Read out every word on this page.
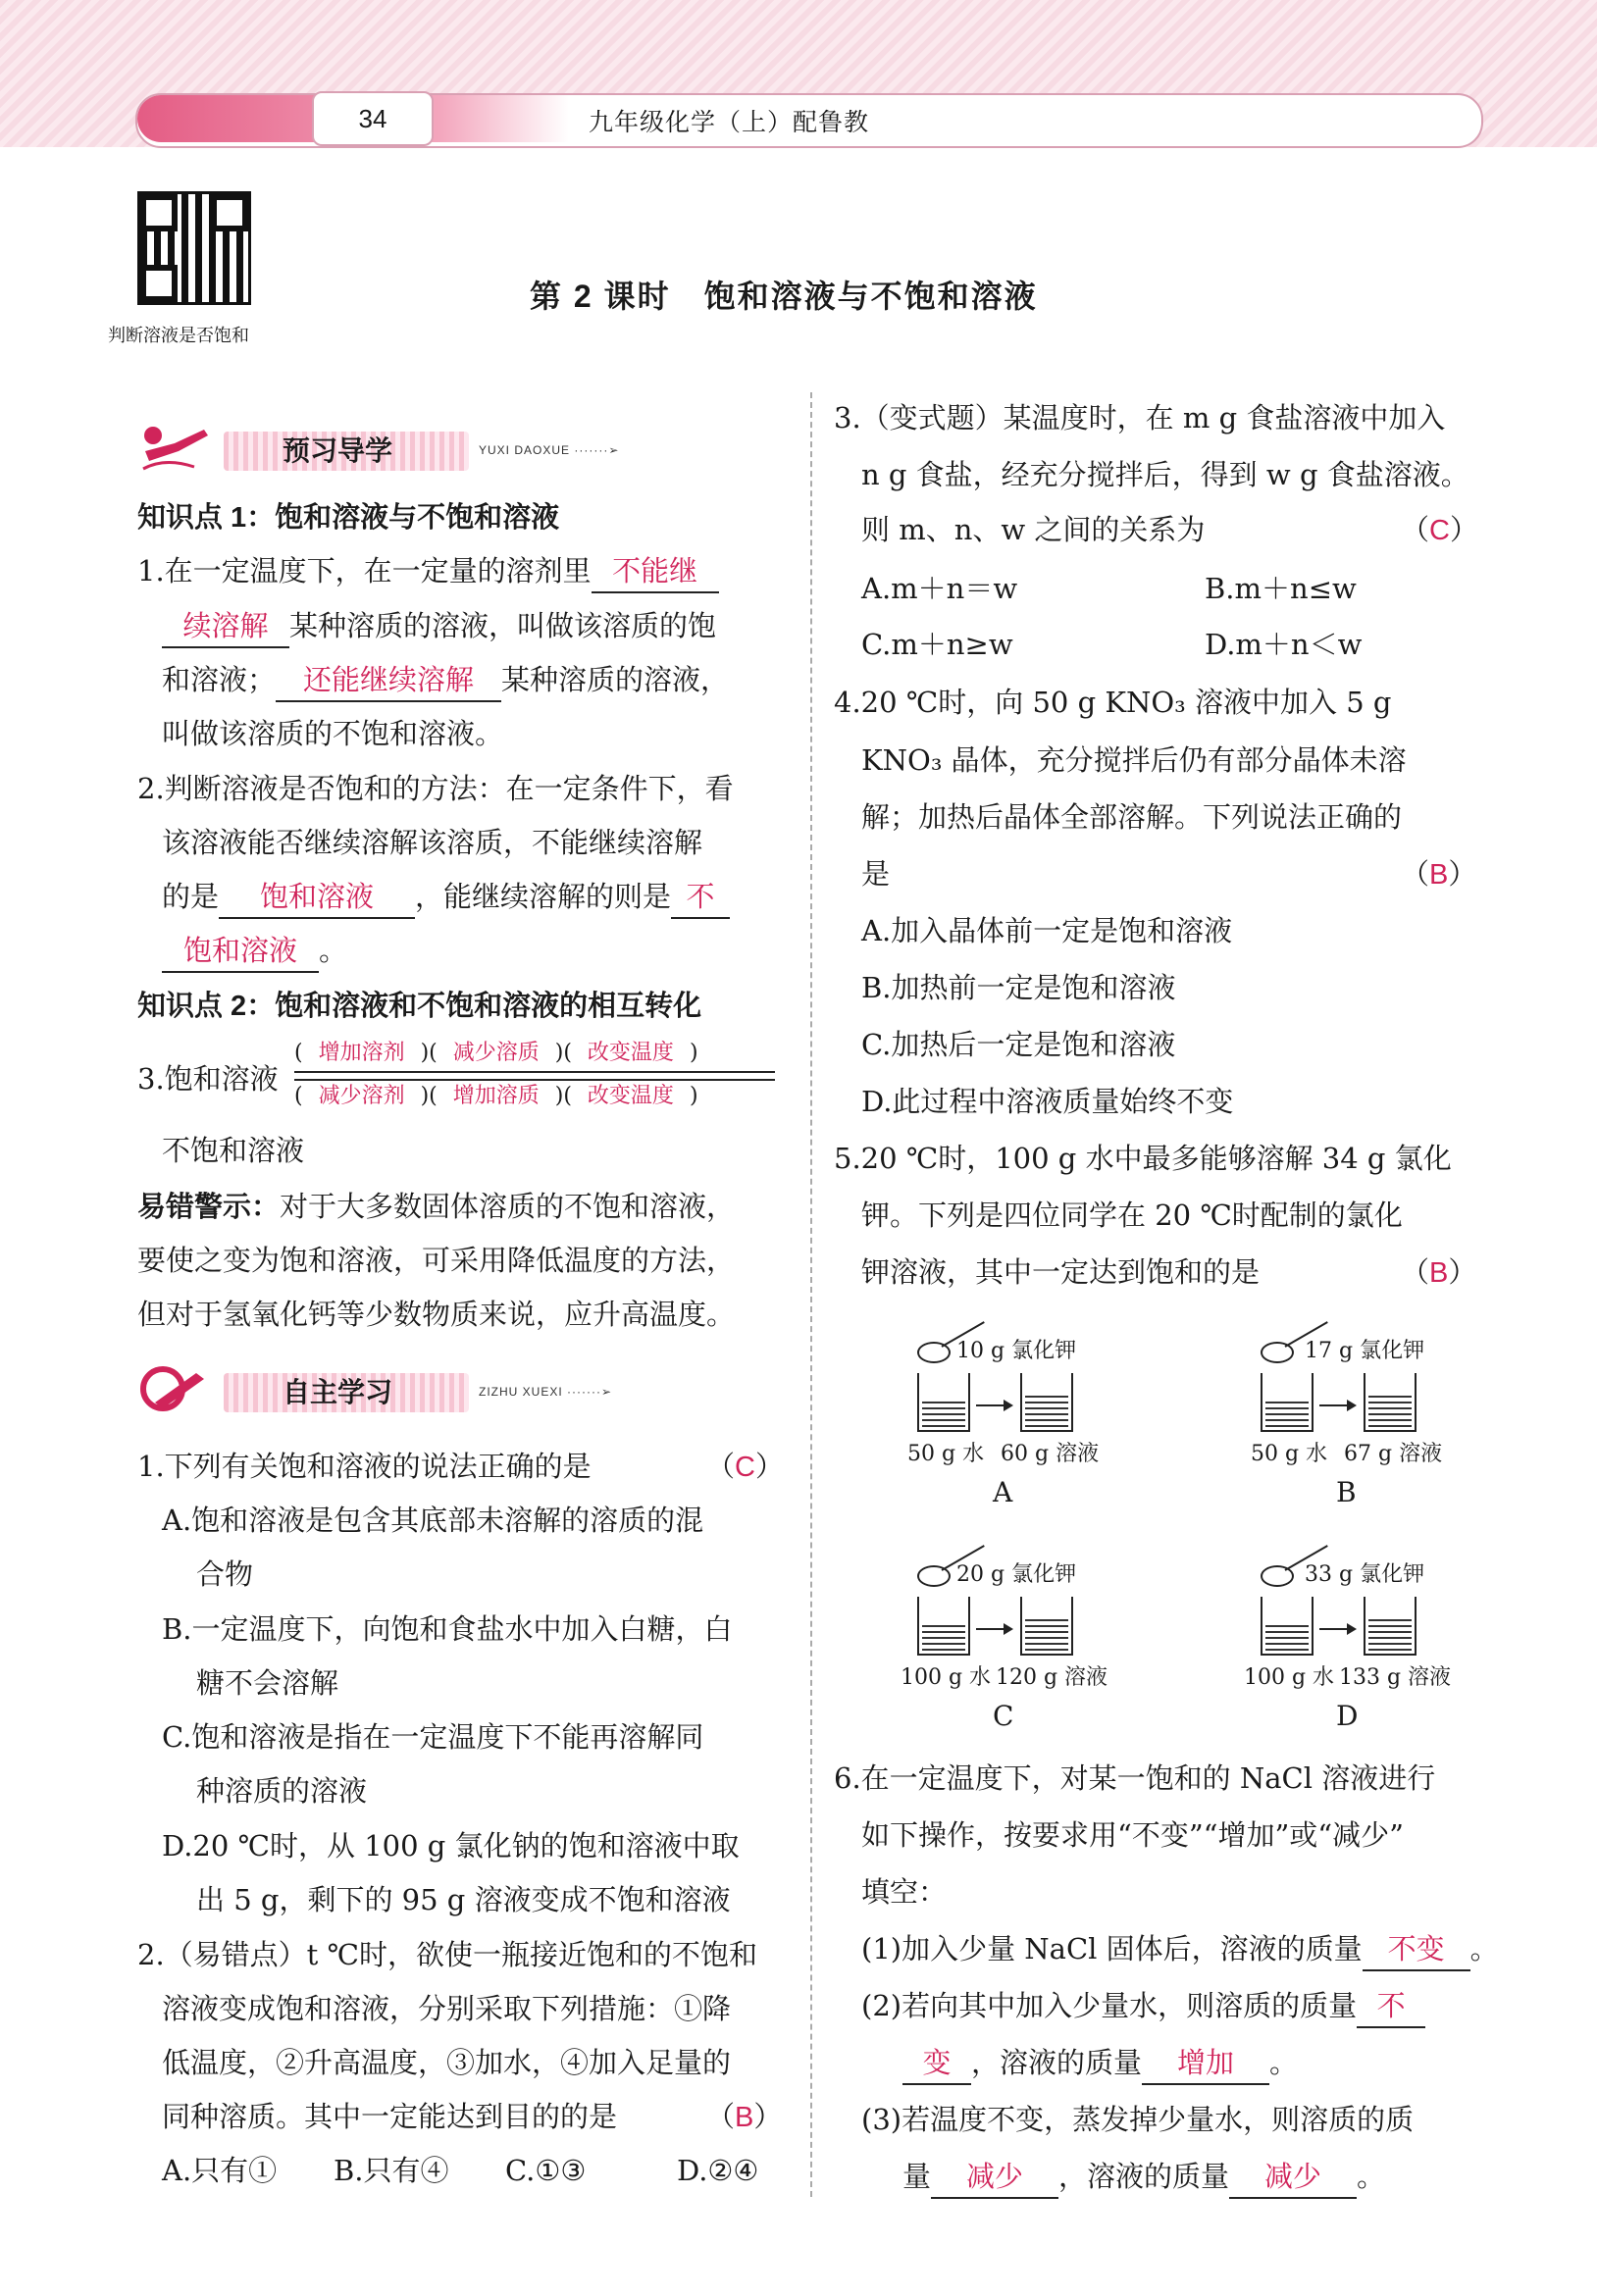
34	九年级化学（上）配鲁教
判断溶液是否饱和
第 2 课时　饱和溶液与不饱和溶液
预习导学	YUXI DAOXUE ·······➢
知识点 1：饱和溶液与不饱和溶液
1.在一定温度下，在一定量的溶剂里 不能继
续溶解 某种溶质的溶液，叫做该溶质的饱
和溶液； 还能继续溶解 某种溶质的溶液，
叫做该溶质的不饱和溶液。
2.判断溶液是否饱和的方法：在一定条件下，看
该溶液能否继续溶解该溶质，不能继续溶解
的是 饱和溶液 ，能继续溶解的则是 不
饱和溶液 。
知识点 2：饱和溶液和不饱和溶液的相互转化
3.饱和溶液
( 增加溶剂 )( 减少溶质 )( 改变温度 )
( 减少溶剂 )( 增加溶质 )( 改变温度 )
不饱和溶液
易错警示：对于大多数固体溶质的不饱和溶液，
要使之变为饱和溶液，可采用降低温度的方法，
但对于氢氧化钙等少数物质来说，应升高温度。
自主学习	ZIZHU XUEXI ·······➢
1.下列有关饱和溶液的说法正确的是	（C）
A.饱和溶液是包含其底部未溶解的溶质的混
合物
B.一定温度下，向饱和食盐水中加入白糖，白
糖不会溶解
C.饱和溶液是指在一定温度下不能再溶解同
种溶质的溶液
D.20 ℃时，从 100 g 氯化钠的饱和溶液中取
出 5 g，剩下的 95 g 溶液变成不饱和溶液
2.（易错点）t ℃时，欲使一瓶接近饱和的不饱和
溶液变成饱和溶液，分别采取下列措施：①降
低温度，②升高温度，③加水，④加入足量的
同种溶质。其中一定能达到目的的是	（B）
A.只有① B.只有④ C.①③	D.②④
3.（变式题）某温度时，在 m g 食盐溶液中加入
n g 食盐，经充分搅拌后，得到 w g 食盐溶液。
则 m、n、w 之间的关系为	（C）
A.m＋n＝w	B.m＋n≤w
C.m＋n≥w	D.m＋n＜w
4.20 ℃时，向 50 g KNO₃ 溶液中加入 5 g
KNO₃ 晶体，充分搅拌后仍有部分晶体未溶
解；加热后晶体全部溶解。下列说法正确的
是	（B）
A.加入晶体前一定是饱和溶液
B.加热前一定是饱和溶液
C.加热后一定是饱和溶液
D.此过程中溶液质量始终不变
5.20 ℃时，100 g 水中最多能够溶解 34 g 氯化
钾。下列是四位同学在 20 ℃时配制的氯化
钾溶液，其中一定达到饱和的是	（B）
10 g 氯化钾
50 g 水 60 g 溶液
A
17 g 氯化钾
50 g 水 67 g 溶液
B
20 g 氯化钾
100 g 水 120 g 溶液
C
33 g 氯化钾
100 g 水 133 g 溶液
D
6.在一定温度下，对某一饱和的 NaCl 溶液进行
如下操作，按要求用“不变”“增加”或“减少”
填空：
(1)加入少量 NaCl 固体后，溶液的质量 不变 。
(2)若向其中加入少量水，则溶质的质量 不
变 ，溶液的质量 增加 。
(3)若温度不变，蒸发掉少量水，则溶质的质
量 减少 ，溶液的质量 减少 。
